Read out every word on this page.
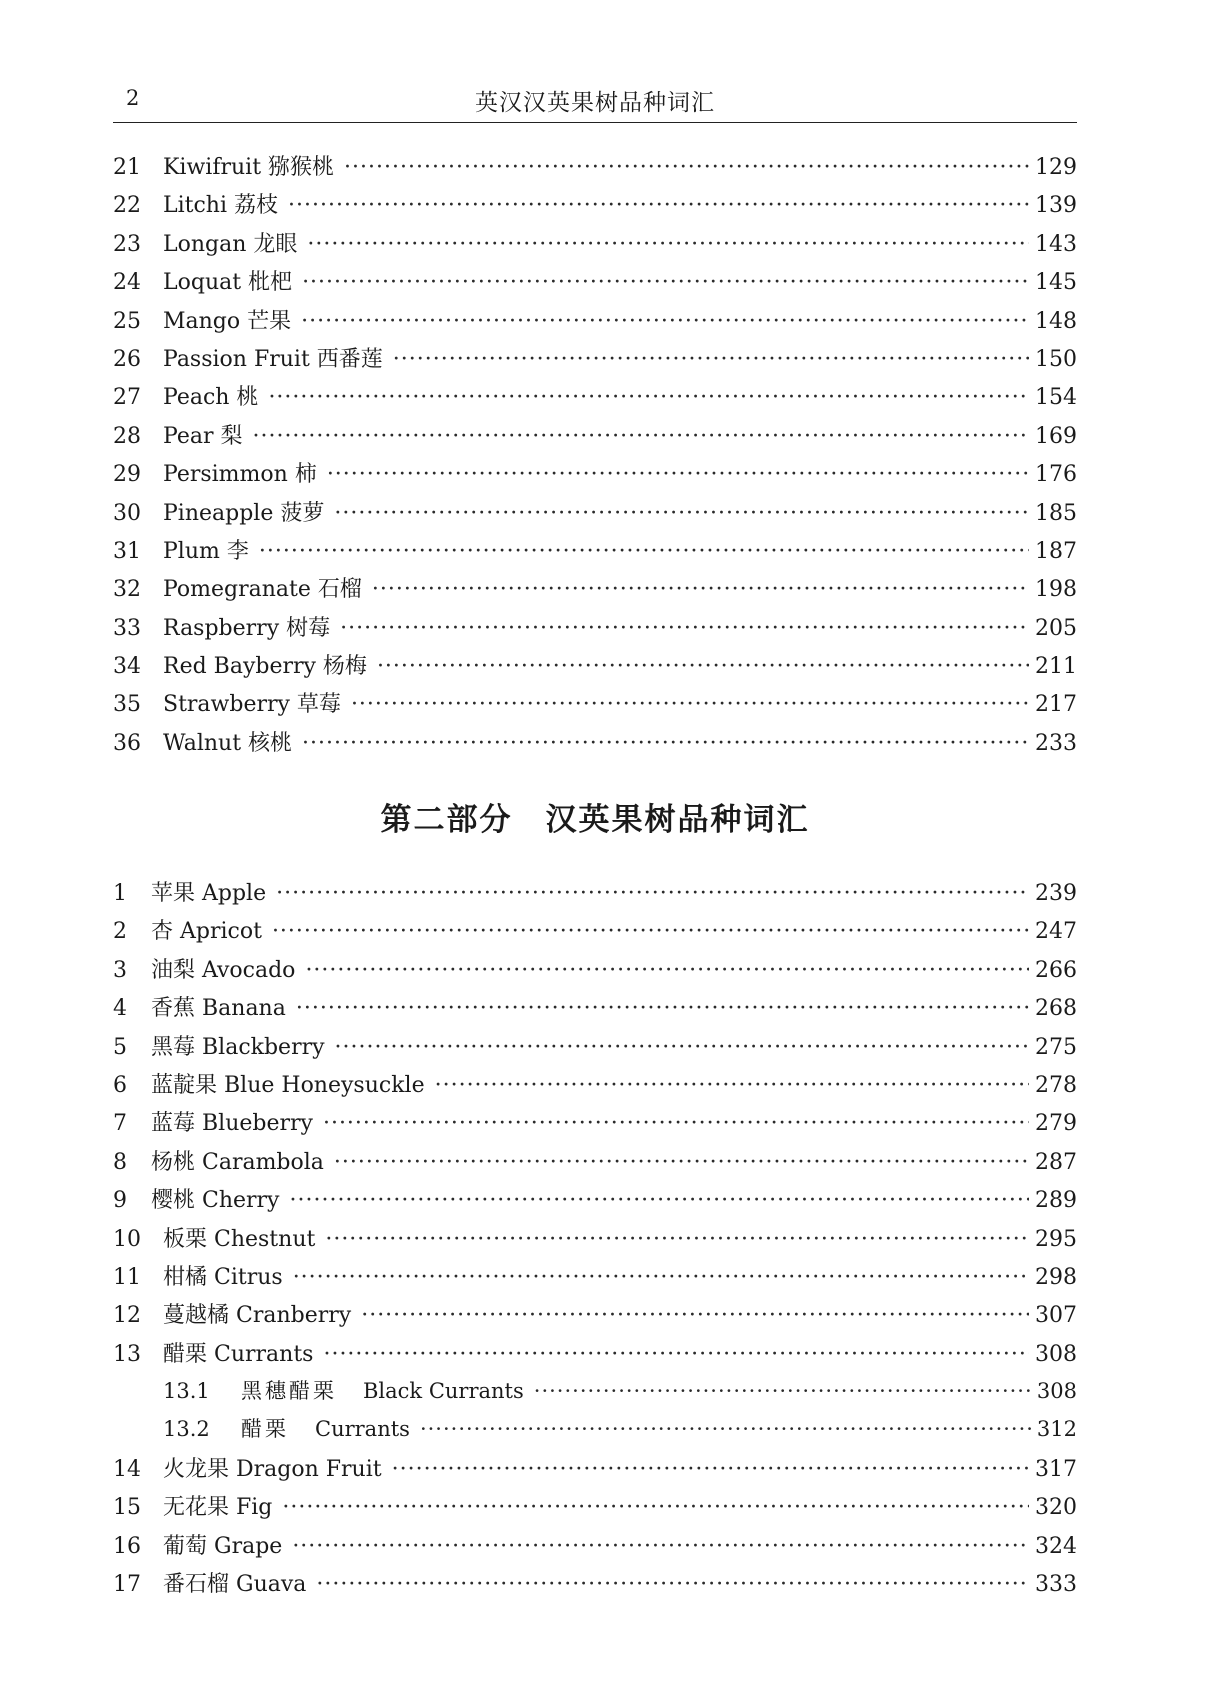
2	英汉汉英果树品种词汇
21	Kiwifruit 猕猴桃 ·····	129
22	Litchi 荔枝 ·····	139
23	Longan 龙眼 ·····	143
24	Loquat 枇杷 ·····	145
25	Mango 芒果 ·····	148
26	Passion Fruit 西番莲 ·····	150
27	Peach 桃 ·····	154
28	Pear 梨 ·····	169
29	Persimmon 柿 ·····	176
30	Pineapple 菠萝 ·····	185
31	Plum 李 ·····	187
32	Pomegranate 石榴 ·····	198
33	Raspberry 树莓 ·····	205
34	Red Bayberry 杨梅 ·····	211
35	Strawberry 草莓 ·····	217
36	Walnut 核桃 ·····	233
第二部分　汉英果树品种词汇
1	苹果 Apple ·····	239
2	杏 Apricot ·····	247
3	油梨 Avocado ·····	266
4	香蕉 Banana ·····	268
5	黑莓 Blackberry ·····	275
6	蓝靛果 Blue Honeysuckle ·····	278
7	蓝莓 Blueberry ·····	279
8	杨桃 Carambola ·····	287
9	樱桃 Cherry ·····	289
10	板栗 Chestnut ·····	295
11	柑橘 Citrus ·····	298
12	蔓越橘 Cranberry ·····	307
13	醋栗 Currants ·····	308
13.1	黑穗醋栗 Black Currants ·····	308
13.2	醋栗 Currants ·····	312
14	火龙果 Dragon Fruit ·····	317
15	无花果 Fig ·····	320
16	葡萄 Grape ·····	324
17	番石榴 Guava ·····	333
